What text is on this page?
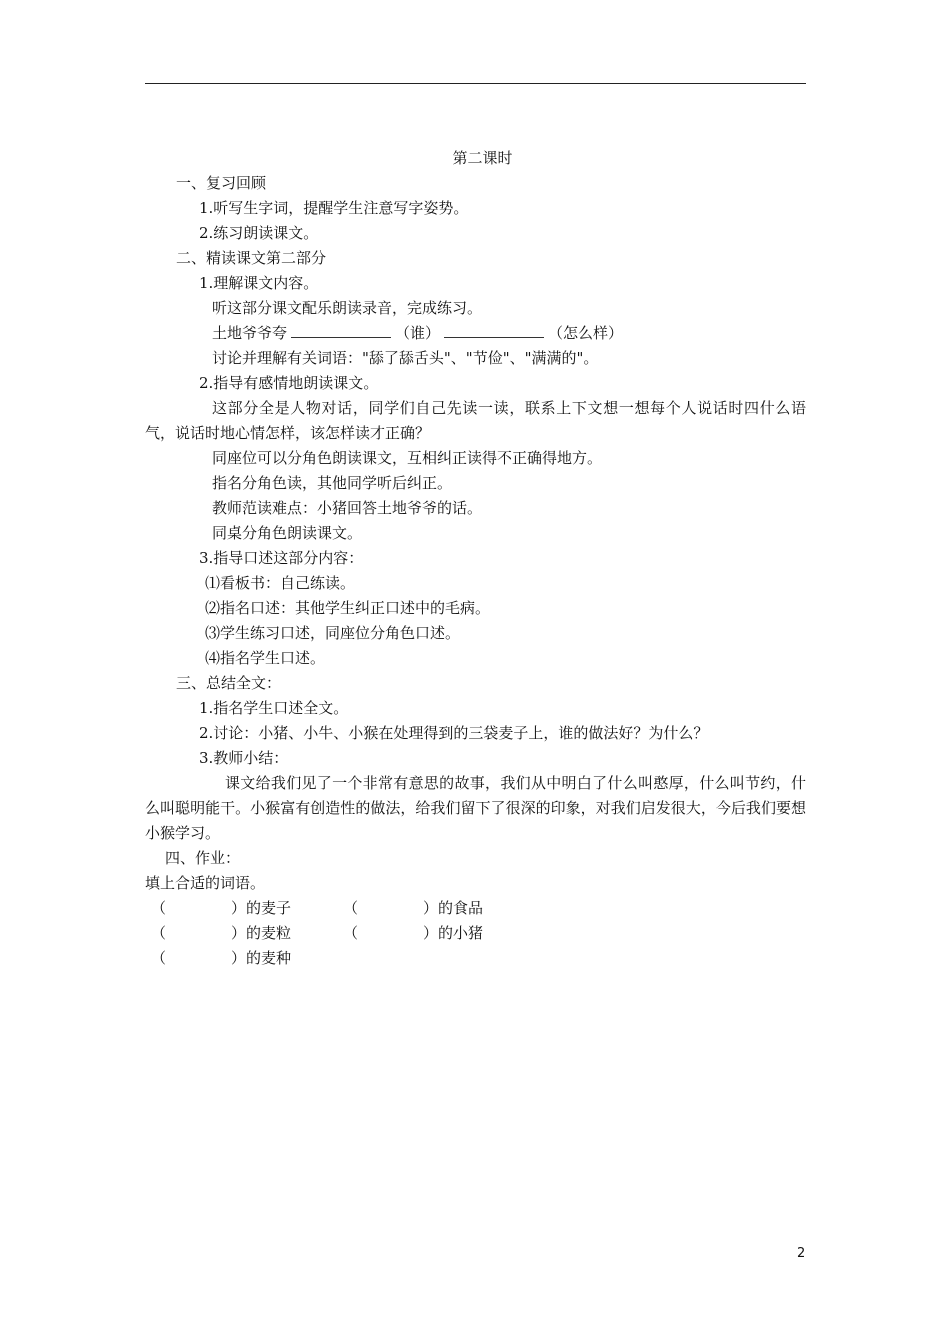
第二课时
一、复习回顾
1.听写生字词，提醒学生注意写字姿势。
2.练习朗读课文。
二、精读课文第二部分
1.理解课文内容。
听这部分课文配乐朗读录音，完成练习。
土地爷爷夸	（谁）	（怎么样）
讨论并理解有关词语："舔了舔舌头"、"节俭"、"满满的"。
2.指导有感情地朗读课文。
这部分全是人物对话，同学们自己先读一读，联系上下文想一想每个人说话时四什么语气，说话时地心情怎样，该怎样读才正确？
同座位可以分角色朗读课文，互相纠正读得不正确得地方。
指名分角色读，其他同学听后纠正。
教师范读难点：小猪回答土地爷爷的话。
同桌分角色朗读课文。
3.指导口述这部分内容：
⑴看板书：自己练读。
⑵指名口述：其他学生纠正口述中的毛病。
⑶学生练习口述，同座位分角色口述。
⑷指名学生口述。
三、总结全文：
1.指名学生口述全文。
2.讨论：小猪、小牛、小猴在处理得到的三袋麦子上，谁的做法好？为什么？
3.教师小结：
课文给我们见了一个非常有意思的故事，我们从中明白了什么叫憨厚，什么叫节约，什么叫聪明能干。小猴富有创造性的做法，给我们留下了很深的印象，对我们启发很大，今后我们要想小猴学习。
四、作业：
填上合适的词语。
（	） 的麦子	（	） 的食品
（	） 的麦粒	（	） 的小猪
（	） 的麦种
2
